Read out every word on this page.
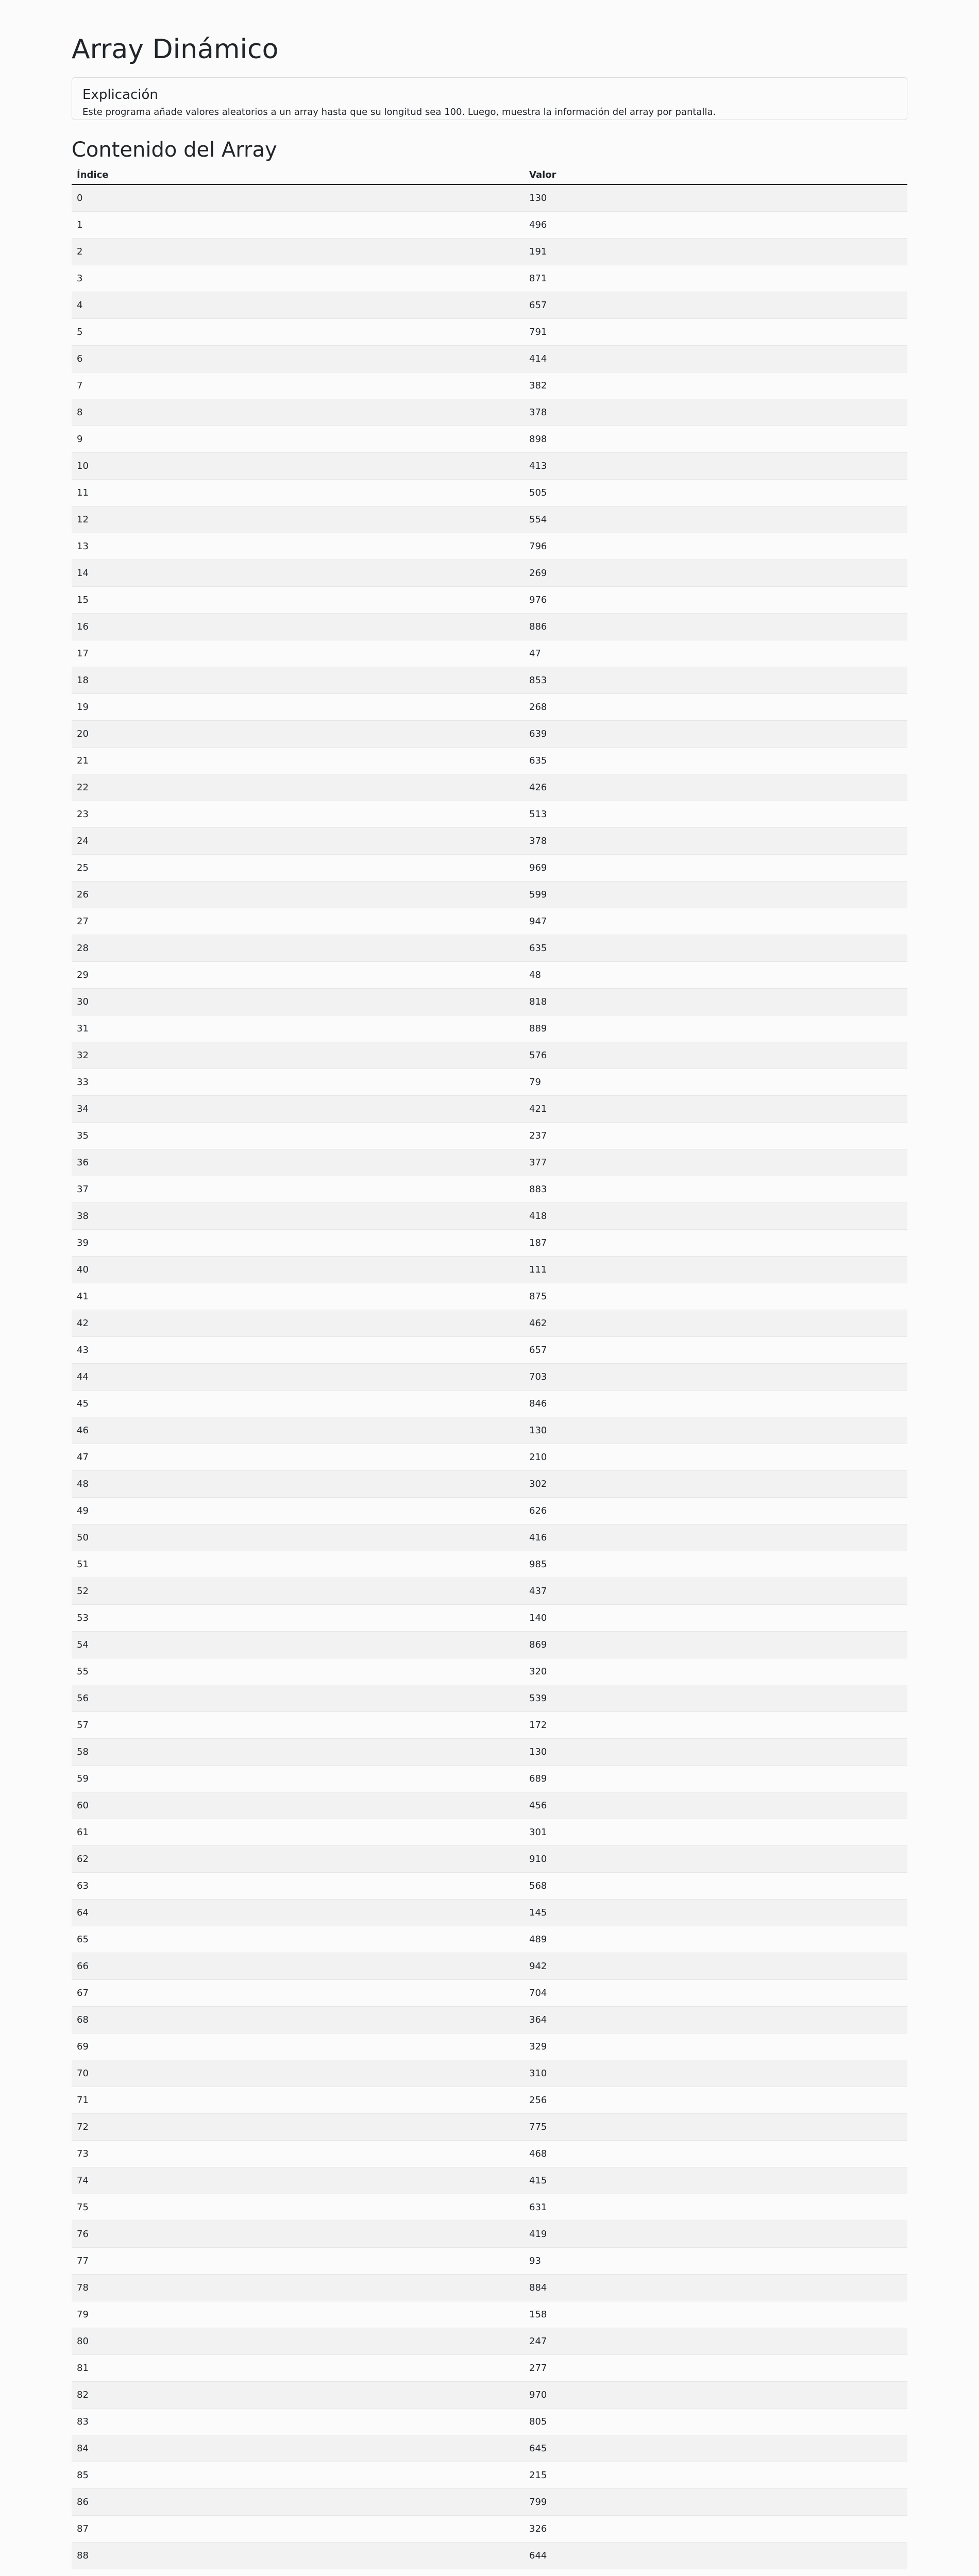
Array Dinámico
Explicación

Este programa añade valores aleatorios a un array hasta que su longitud sea 100. Luego, muestra la información del array por pantalla.

Contenido del Array
Índice	Valor
0	130
1	496
2	191
3	871
4	657
5	791
6	414
7	382
8	378
9	898
10	413
11	505
12	554
13	796
14	269
15	976
16	886
17	47
18	853
19	268
20	639
21	635
22	426
23	513
24	378
25	969
26	599
27	947
28	635
29	48
30	818
31	889
32	576
33	79
34	421
35	237
36	377
37	883
38	418
39	187
40	111
41	875
42	462
43	657
44	703
45	846
46	130
47	210
48	302
49	626
50	416
51	985
52	437
53	140
54	869
55	320
56	539
57	172
58	130
59	689
60	456
61	301
62	910
63	568
64	145
65	489
66	942
67	704
68	364
69	329
70	310
71	256
72	775
73	468
74	415
75	631
76	419
77	93
78	884
79	158
80	247
81	277
82	970
83	805
84	645
85	215
86	799
87	326
88	644
